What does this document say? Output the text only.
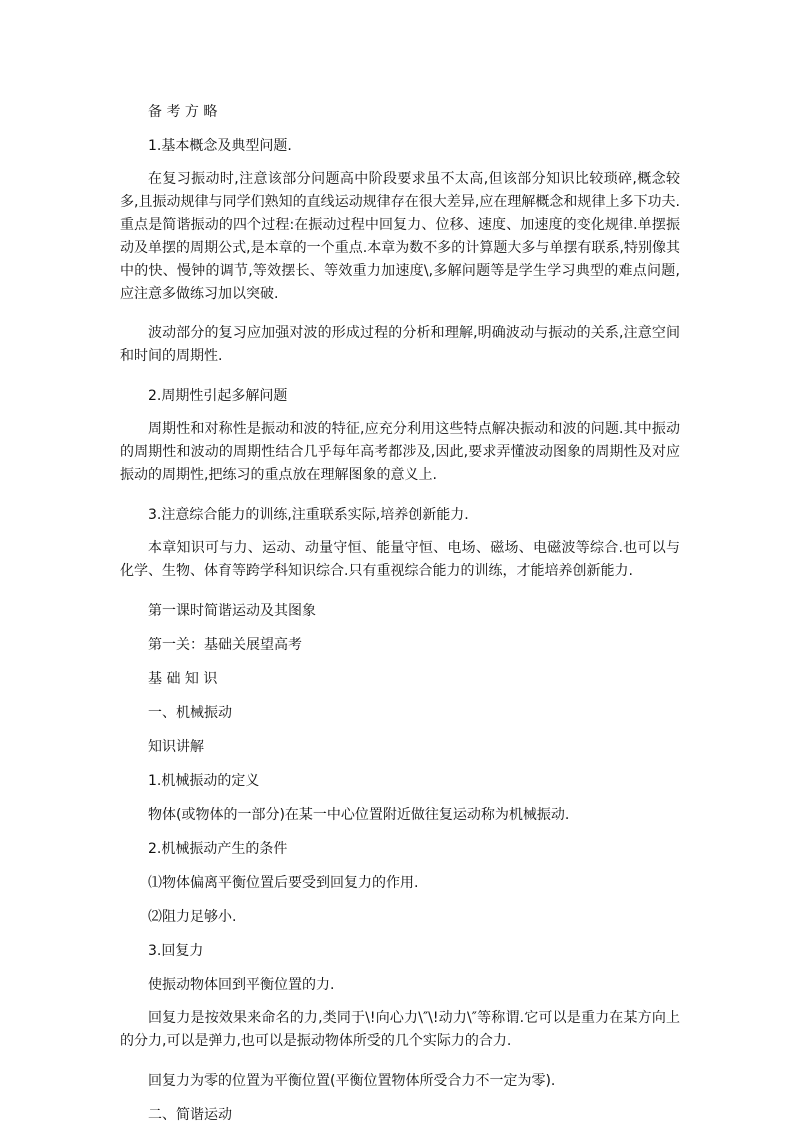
备 考 方 略
1.基本概念及典型问题.

在复习振动时,注意该部分问题高中阶段要求虽不太高,但该部分知识比较琐碎,概念较多,且振动规律与同学们熟知的直线运动规律存在很大差异,应在理解概念和规律上多下功夫.重点是简谐振动的四个过程:在振动过程中回复力、位移、速度、加速度的变化规律.单摆振动及单摆的周期公式,是本章的一个重点.本章为数不多的计算题大多与单摆有联系,特别像其中的快、慢钟的调节,等效摆长、等效重力加速度\,多解问题等是学生学习典型的难点问题,应注意多做练习加以突破.

波动部分的复习应加强对波的形成过程的分析和理解,明确波动与振动的关系,注意空间和时间的周期性.

2.周期性引起多解问题

周期性和对称性是振动和波的特征,应充分利用这些特点解决振动和波的问题.其中振动的周期性和波动的周期性结合几乎每年高考都涉及,因此,要求弄懂波动图象的周期性及对应振动的周期性,把练习的重点放在理解图象的意义上.

3.注意综合能力的训练,注重联系实际,培养创新能力.

本章知识可与力、运动、动量守恒、能量守恒、电场、磁场、电磁波等综合.也可以与化学、生物、体育等跨学科知识综合.只有重视综合能力的训练，才能培养创新能力.

第一课时简谐运动及其图象
第一关：基础关展望高考
基 础 知 识
一、机械振动
知识讲解
1.机械振动的定义
物体(或物体的一部分)在某一中心位置附近做往复运动称为机械振动.
2.机械振动产生的条件
⑴物体偏离平衡位置后要受到回复力的作用.
⑵阻力足够小.
3.回复力
使振动物体回到平衡位置的力.

回复力是按效果来命名的力,类同于\!向心力\″\!动力\″等称谓.它可以是重力在某方向上的分力,可以是弹力,也可以是振动物体所受的几个实际力的合力.

回复力为零的位置为平衡位置(平衡位置物体所受合力不一定为零).
二、简谐运动
